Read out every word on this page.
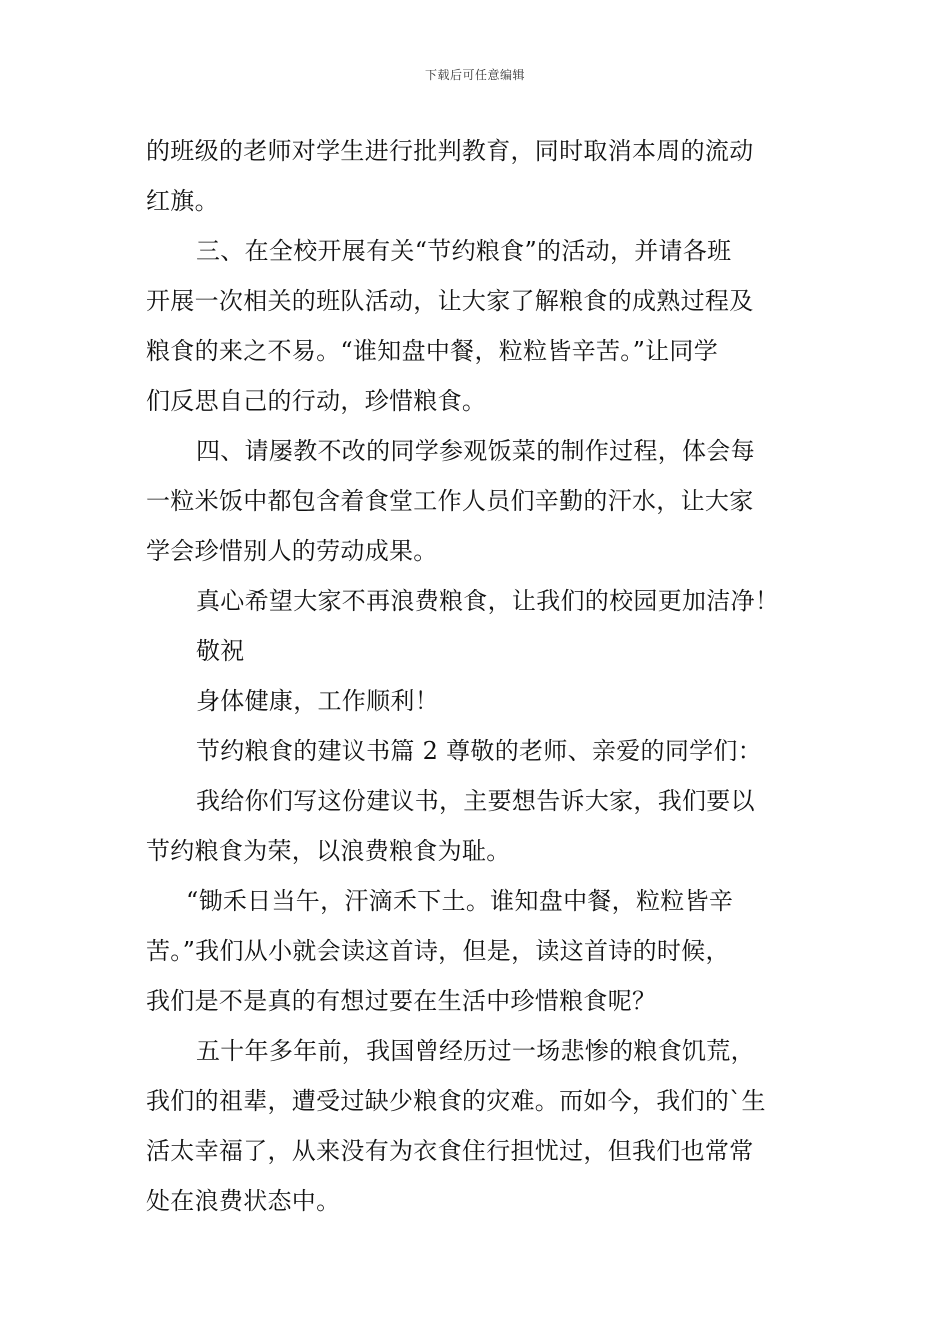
下载后可任意编辑
的班级的老师对学生进行批判教育，同时取消本周的流动
红旗。
三、在全校开展有关“节约粮食”的活动，并请各班
开展一次相关的班队活动，让大家了解粮食的成熟过程及
粮食的来之不易。“谁知盘中餐，粒粒皆辛苦。”让同学
们反思自己的行动，珍惜粮食。
四、请屡教不改的同学参观饭菜的制作过程，体会每
一粒米饭中都包含着食堂工作人员们辛勤的汗水，让大家
学会珍惜别人的劳动成果。
真心希望大家不再浪费粮食，让我们的校园更加洁净！
敬祝
身体健康，工作顺利！
节约粮食的建议书篇 2 尊敬的老师、亲爱的同学们：
我给你们写这份建议书，主要想告诉大家，我们要以
节约粮食为荣，以浪费粮食为耻。
“锄禾日当午，汗滴禾下土。谁知盘中餐，粒粒皆辛
苦。”我们从小就会读这首诗，但是，读这首诗的时候，
我们是不是真的有想过要在生活中珍惜粮食呢？
五十年多年前，我国曾经历过一场悲惨的粮食饥荒，
我们的祖辈，遭受过缺少粮食的灾难。而如今，我们的`生
活太幸福了，从来没有为衣食住行担忧过，但我们也常常
处在浪费状态中。
